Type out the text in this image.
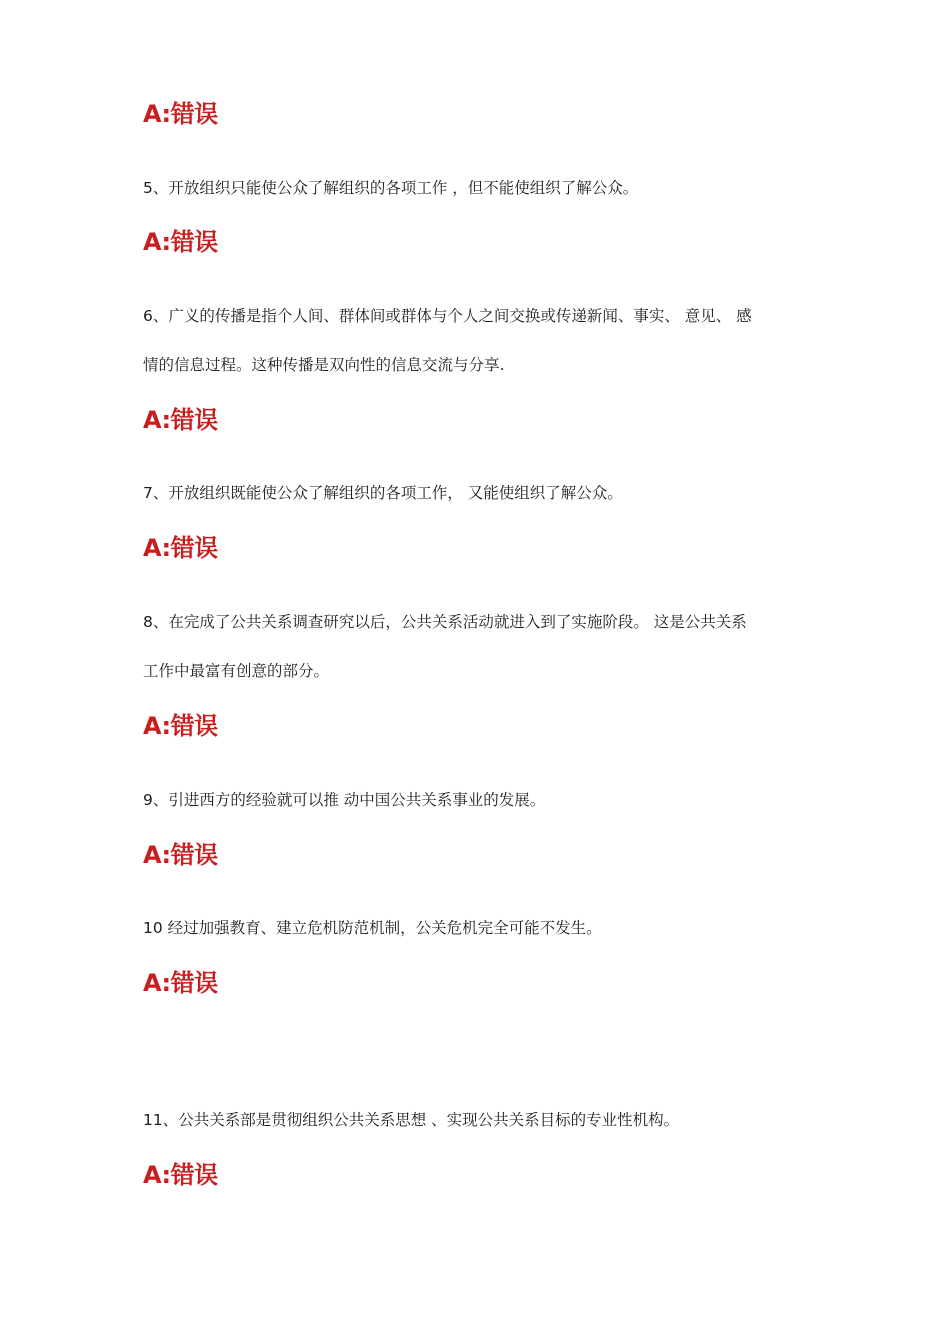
A:错误
5、开放组织只能使公众了解组织的各项工作 ，但不能使组织了解公众。
A:错误
6、广义的传播是指个人间、群体间或群体与个人之间交换或传递新闻、事实、 意见、 感
情的信息过程。这种传播是双向性的信息交流与分享.
A:错误
7、开放组织既能使公众了解组织的各项工作， 又能使组织了解公众。
A:错误
8、在完成了公共关系调查研究以后，公共关系活动就进入到了实施阶段。 这是公共关系
工作中最富有创意的部分。
A:错误
9、引进西方的经验就可以推 动中国公共关系事业的发展。
A:错误
10 经过加强教育、建立危机防范机制，公关危机完全可能不发生。
A:错误
11、公共关系部是贯彻组织公共关系思想 、实现公共关系目标的专业性机构。
A:错误
